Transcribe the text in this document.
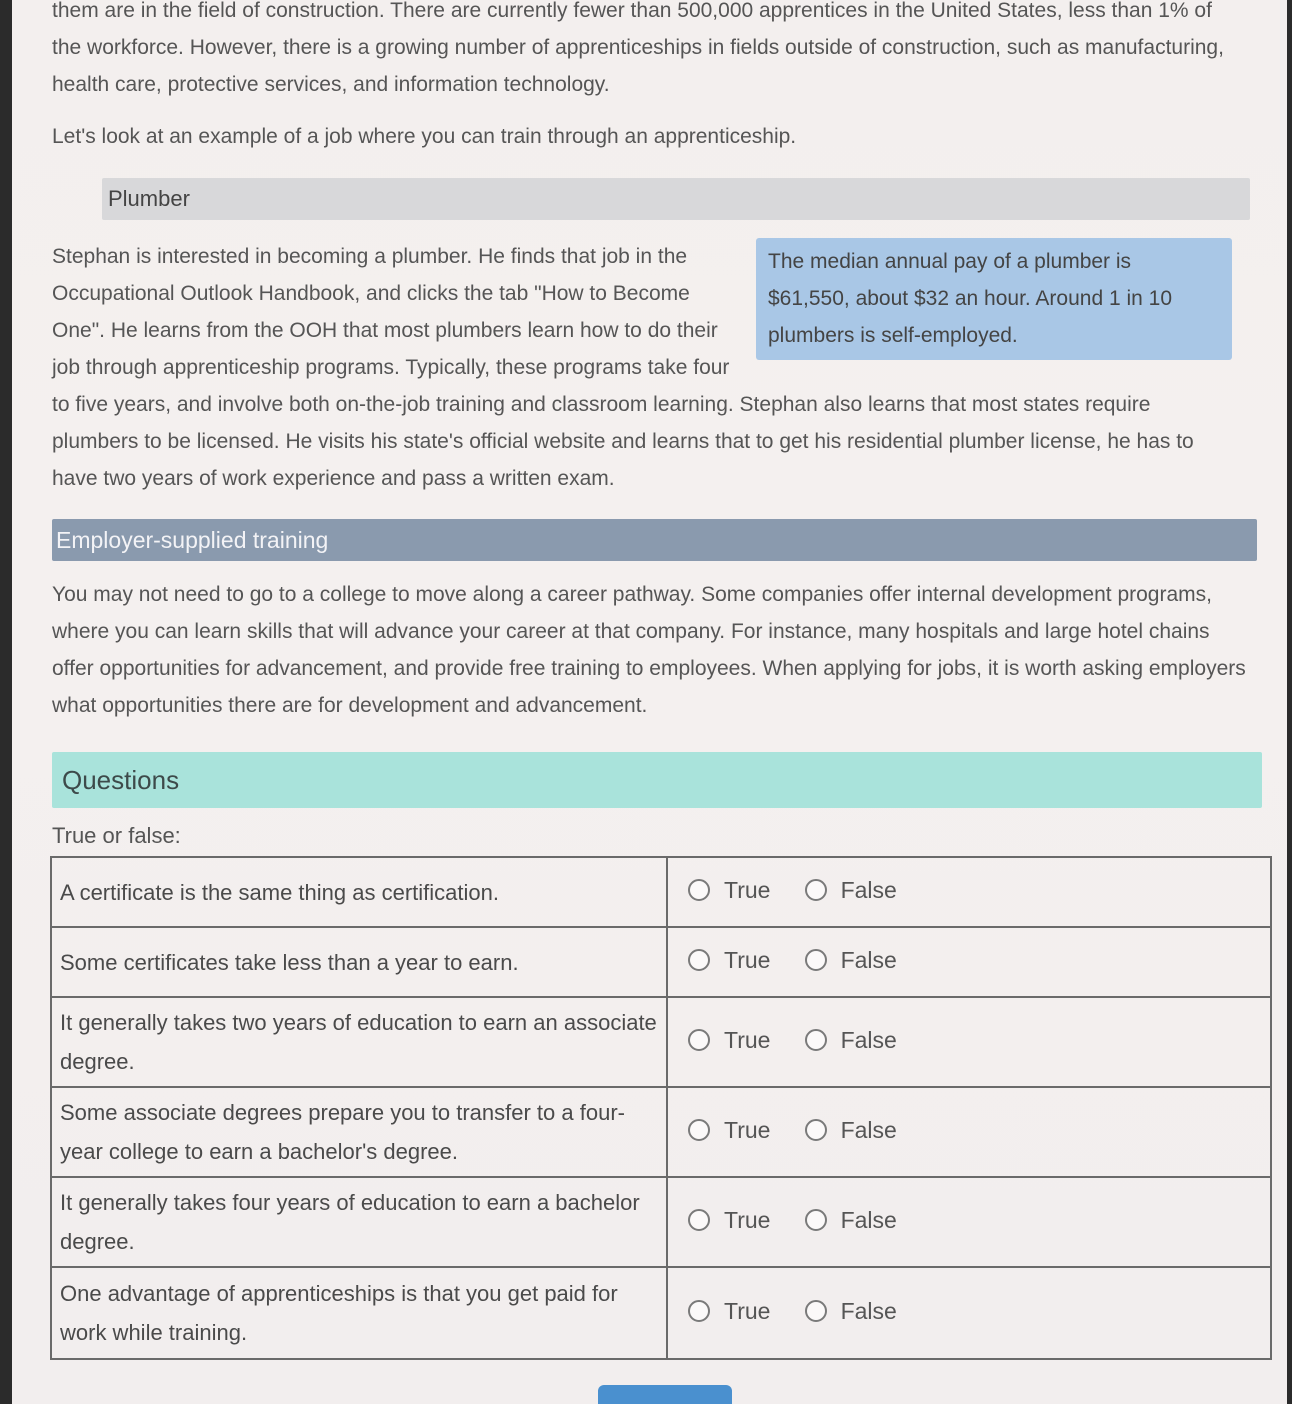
them are in the field of construction. There are currently fewer than 500,000 apprentices in the United States, less than 1% of the workforce. However, there is a growing number of apprenticeships in fields outside of construction, such as manufacturing, health care, protective services, and information technology.

Let's look at an example of a job where you can train through an apprenticeship.

Plumber
The median annual pay of a plumber is $61,550, about $32 an hour. Around 1 in 10 plumbers is self-employed.

Stephan is interested in becoming a plumber. He finds that job in the Occupational Outlook Handbook, and clicks the tab "How to Become One". He learns from the OOH that most plumbers learn how to do their job through apprenticeship programs. Typically, these programs take four to five years, and involve both on-the-job training and classroom learning. Stephan also learns that most states require plumbers to be licensed. He visits his state's official website and learns that to get his residential plumber license, he has to have two years of work experience and pass a written exam.

Employer-supplied training

You may not need to go to a college to move along a career pathway. Some companies offer internal development programs, where you can learn skills that will advance your career at that company. For instance, many hospitals and large hotel chains offer opportunities for advancement, and provide free training to employees. When applying for jobs, it is worth asking employers what opportunities there are for development and advancement.

Questions
True or false:
A certificate is the same thing as certification.	True
False

Some certificates take less than a year to earn.	True
False

It generally takes two years of education to earn an associate degree.	True
False

Some associate degrees prepare you to transfer to a four-year college to earn a bachelor's degree.	True
False

It generally takes four years of education to earn a bachelor degree.	True
False

One advantage of apprenticeships is that you get paid for work while training.	True
False
